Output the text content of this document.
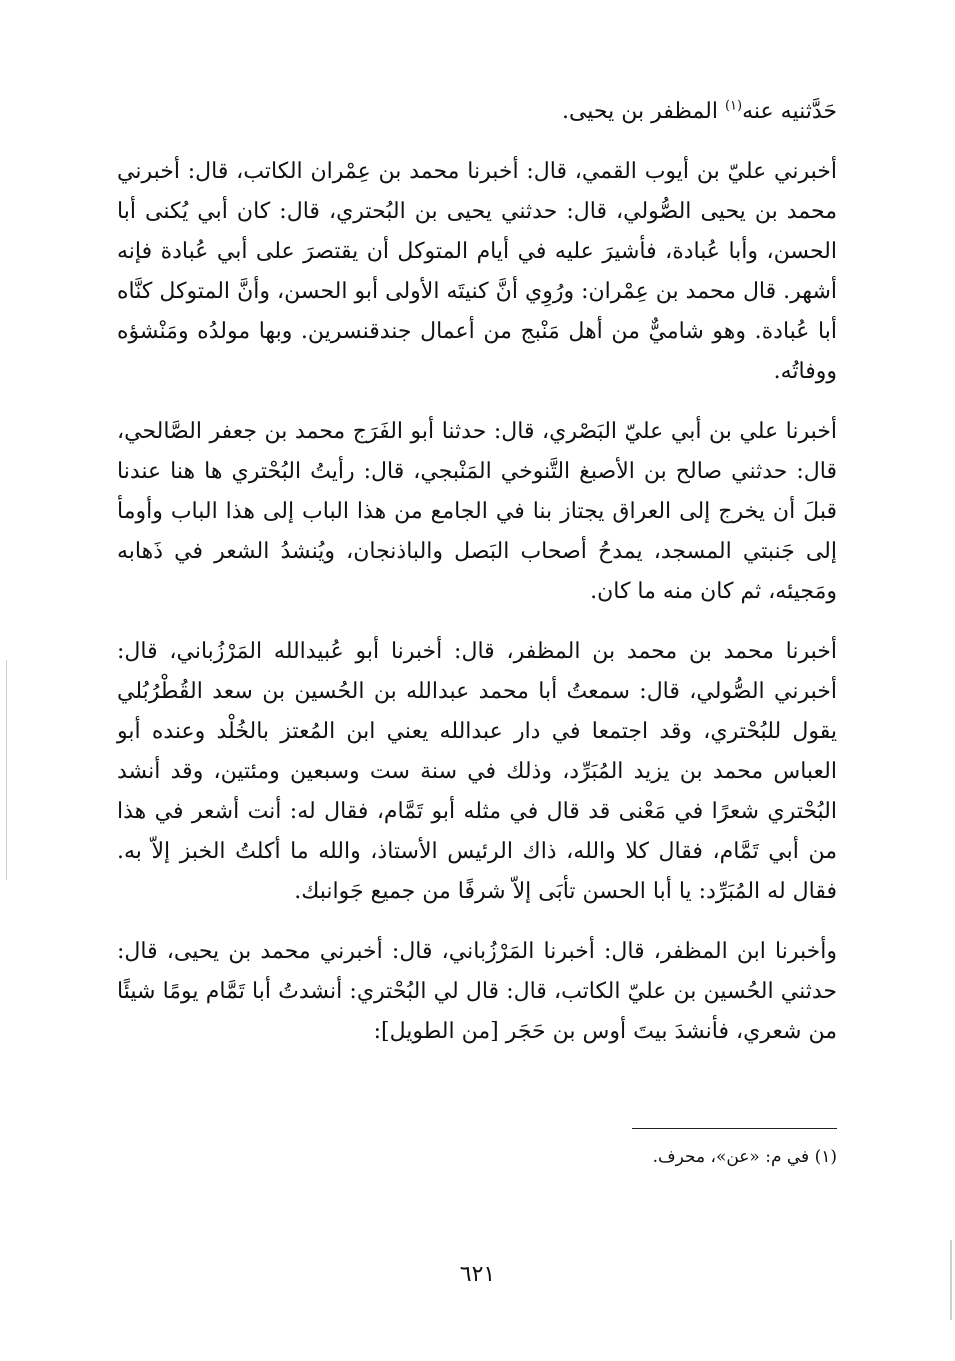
حَدَّثنيه عنه$^{(١)}$ المظفر بن يحيى.

أخبرني عليّ بن أيوب القمي، قال: أخبرنا محمد بن عِمْران الكاتب، قال: أخبرني محمد بن يحيى الصُّولي، قال: حدثني يحيى بن البُحتري، قال: كان أبي يُكنى أبا الحسن، وأبا عُبادة، فأشيرَ عليه في أيام المتوكل أن يقتصرَ على أبي عُبادة فإنه أشهر. قال محمد بن عِمْران: ورُوِي أنَّ كنيتَه الأولى أبو الحسن، وأنَّ المتوكل كنَّاه أبا عُبادة. وهو شاميٌّ من أهل مَنْبج من أعمال جندقنسرين. وبها مولدُه ومَنْشؤه ووفاتُه.

أخبرنا علي بن أبي عليّ البَصْري، قال: حدثنا أبو الفَرَج محمد بن جعفر الصَّالحي، قال: حدثني صالح بن الأصبغ التَّنوخي المَنْبجي، قال: رأيتُ البُحْتري ها هنا عندنا قبلَ أن يخرج إلى العراق يجتاز بنا في الجامع من هذا الباب إلى هذا الباب وأومأ إلى جَنبتي المسجد، يمدحُ أصحاب البَصل والباذنجان، ويُنشدُ الشعر في ذَهابه ومَجيئه، ثم كان منه ما كان.

أخبرنا محمد بن محمد بن المظفر، قال: أخبرنا أبو عُبيدالله المَرْزُباني، قال: أخبرني الصُّولي، قال: سمعتُ أبا محمد عبدالله بن الحُسين بن سعد القُطْرُبُلي يقول للبُحْتري، وقد اجتمعا في دار عبدالله يعني ابن المُعتز بالخُلْد وعنده أبو العباس محمد بن يزيد المُبَرِّد، وذلك في سنة ست وسبعين ومئتين، وقد أنشد البُحْتري شعرًا في مَعْنى قد قال في مثله أبو تَمَّام، فقال له: أنت أشعر في هذا من أبي تَمَّام، فقال كلا والله، ذاك الرئيس الأستاذ، والله ما أكلتُ الخبز إلاّ به. فقال له المُبَرِّد: يا أبا الحسن تأبَى إلاّ شرفًا من جميع جَوانبك.

وأخبرنا ابن المظفر، قال: أخبرنا المَرْزُباني، قال: أخبرني محمد بن يحيى، قال: حدثني الحُسين بن عليّ الكاتب، قال: قال لي البُحْتري: أنشدتُ أبا تَمَّام يومًا شيئًا من شعري، فأنشدَ بيتَ أوس بن حَجَر [من الطويل]:

(١) في م: «عن»، محرف.
٦٢١
